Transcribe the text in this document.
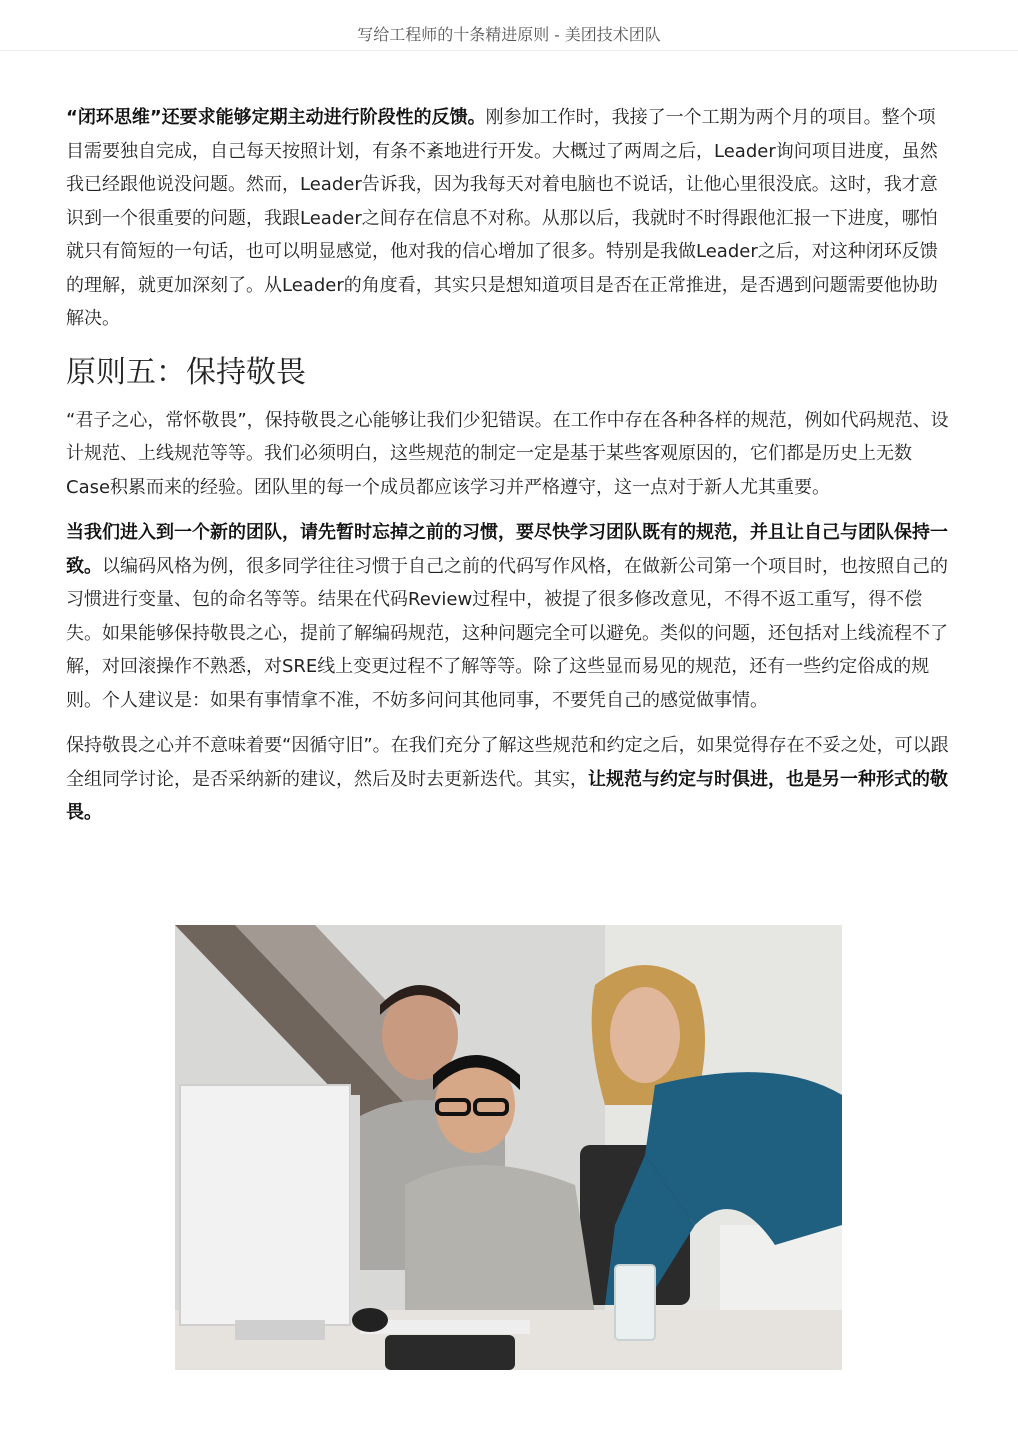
写给工程师的十条精进原则 - 美团技术团队

“闭环思维”还要求能够定期主动进行阶段性的反馈。刚参加工作时，我接了一个工期为两个月的项目。整个项目需要独自完成，自己每天按照计划，有条不紊地进行开发。大概过了两周之后，Leader询问项目进度，虽然我已经跟他说没问题。然而，Leader告诉我，因为我每天对着电脑也不说话，让他心里很没底。这时，我才意识到一个很重要的问题，我跟Leader之间存在信息不对称。从那以后，我就时不时得跟他汇报一下进度，哪怕就只有简短的一句话，也可以明显感觉，他对我的信心增加了很多。特别是我做Leader之后，对这种闭环反馈的理解，就更加深刻了。从Leader的角度看，其实只是想知道项目是否在正常推进，是否遇到问题需要他协助解决。

原则五：保持敬畏

“君子之心，常怀敬畏”，保持敬畏之心能够让我们少犯错误。在工作中存在各种各样的规范，例如代码规范、设计规范、上线规范等等。我们必须明白，这些规范的制定一定是基于某些客观原因的，它们都是历史上无数Case积累而来的经验。团队里的每一个成员都应该学习并严格遵守，这一点对于新人尤其重要。

当我们进入到一个新的团队，请先暂时忘掉之前的习惯，要尽快学习团队既有的规范，并且让自己与团队保持一致。以编码风格为例，很多同学往往习惯于自己之前的代码写作风格，在做新公司第一个项目时，也按照自己的习惯进行变量、包的命名等等。结果在代码Review过程中，被提了很多修改意见，不得不返工重写，得不偿失。如果能够保持敬畏之心，提前了解编码规范，这种问题完全可以避免。类似的问题，还包括对上线流程不了解，对回滚操作不熟悉，对SRE线上变更过程不了解等等。除了这些显而易见的规范，还有一些约定俗成的规则。个人建议是：如果有事情拿不准，不妨多问问其他同事，不要凭自己的感觉做事情。

保持敬畏之心并不意味着要“因循守旧”。在我们充分了解这些规范和约定之后，如果觉得存在不妥之处，可以跟全组同学讨论，是否采纳新的建议，然后及时去更新迭代。其实，让规范与约定与时俱进，也是另一种形式的敬畏。
